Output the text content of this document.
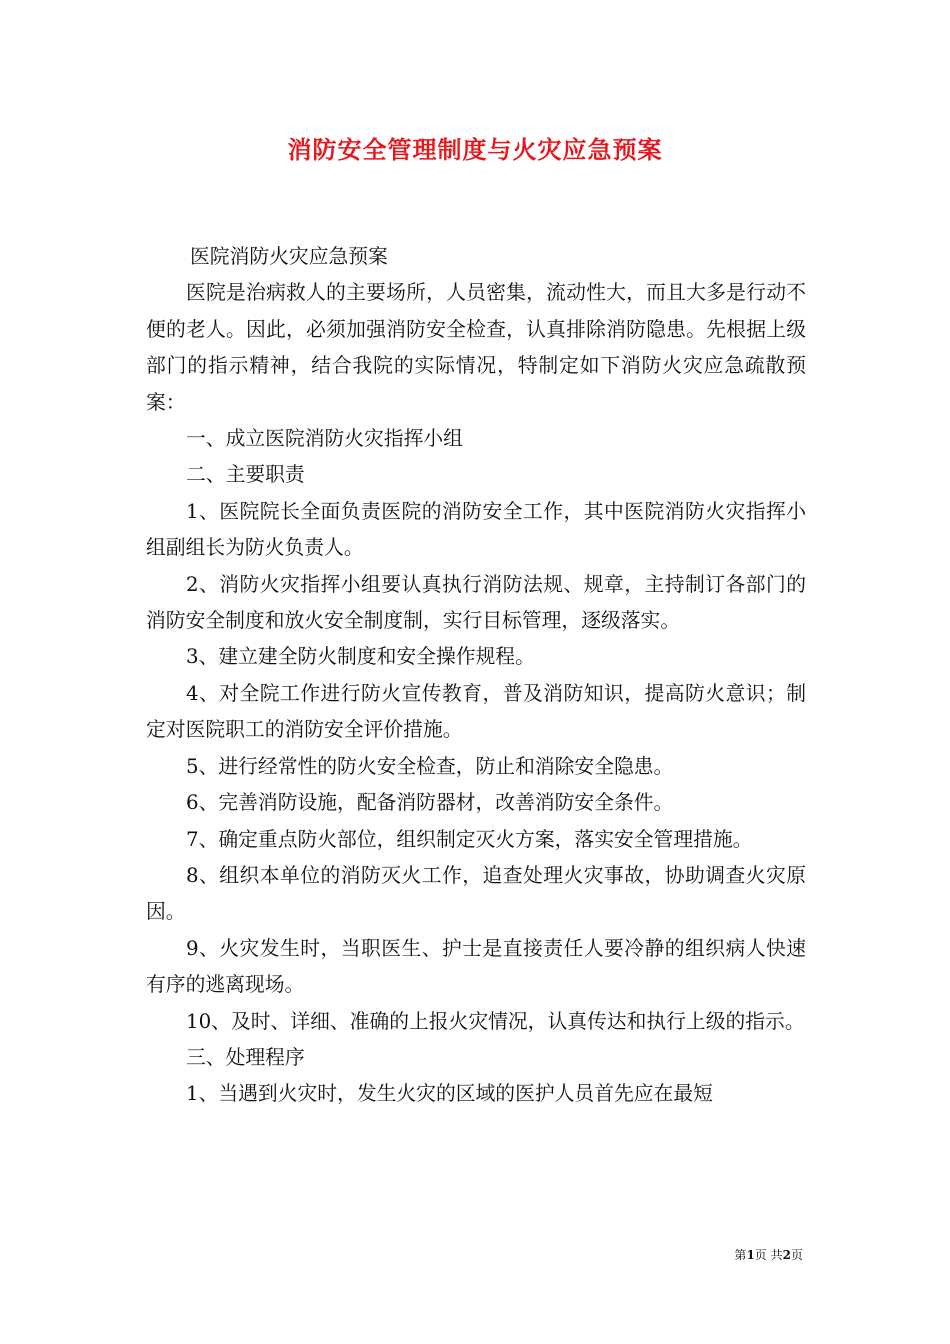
消防安全管理制度与火灾应急预案

医院消防火灾应急预案

医院是治病救人的主要场所，人员密集，流动性大，而且大多是行动不便的老人。因此，必须加强消防安全检查，认真排除消防隐患。先根据上级部门的指示精神，结合我院的实际情况，特制定如下消防火灾应急疏散预案：

一、成立医院消防火灾指挥小组

二、主要职责

1、医院院长全面负责医院的消防安全工作，其中医院消防火灾指挥小组副组长为防火负责人。

2、消防火灾指挥小组要认真执行消防法规、规章，主持制订各部门的消防安全制度和放火安全制度制，实行目标管理，逐级落实。

3、建立建全防火制度和安全操作规程。

4、对全院工作进行防火宣传教育，普及消防知识，提高防火意识；制定对医院职工的消防安全评价措施。

5、进行经常性的防火安全检查，防止和消除安全隐患。

6、完善消防设施，配备消防器材，改善消防安全条件。

7、确定重点防火部位，组织制定灭火方案，落实安全管理措施。

8、组织本单位的消防灭火工作，追查处理火灾事故，协助调查火灾原因。

9、火灾发生时，当职医生、护士是直接责任人要冷静的组织病人快速有序的逃离现场。

10、及时、详细、准确的上报火灾情况，认真传达和执行上级的指示。

三、处理程序

1、当遇到火灾时，发生火灾的区域的医护人员首先应在最短

第1页 共2页
